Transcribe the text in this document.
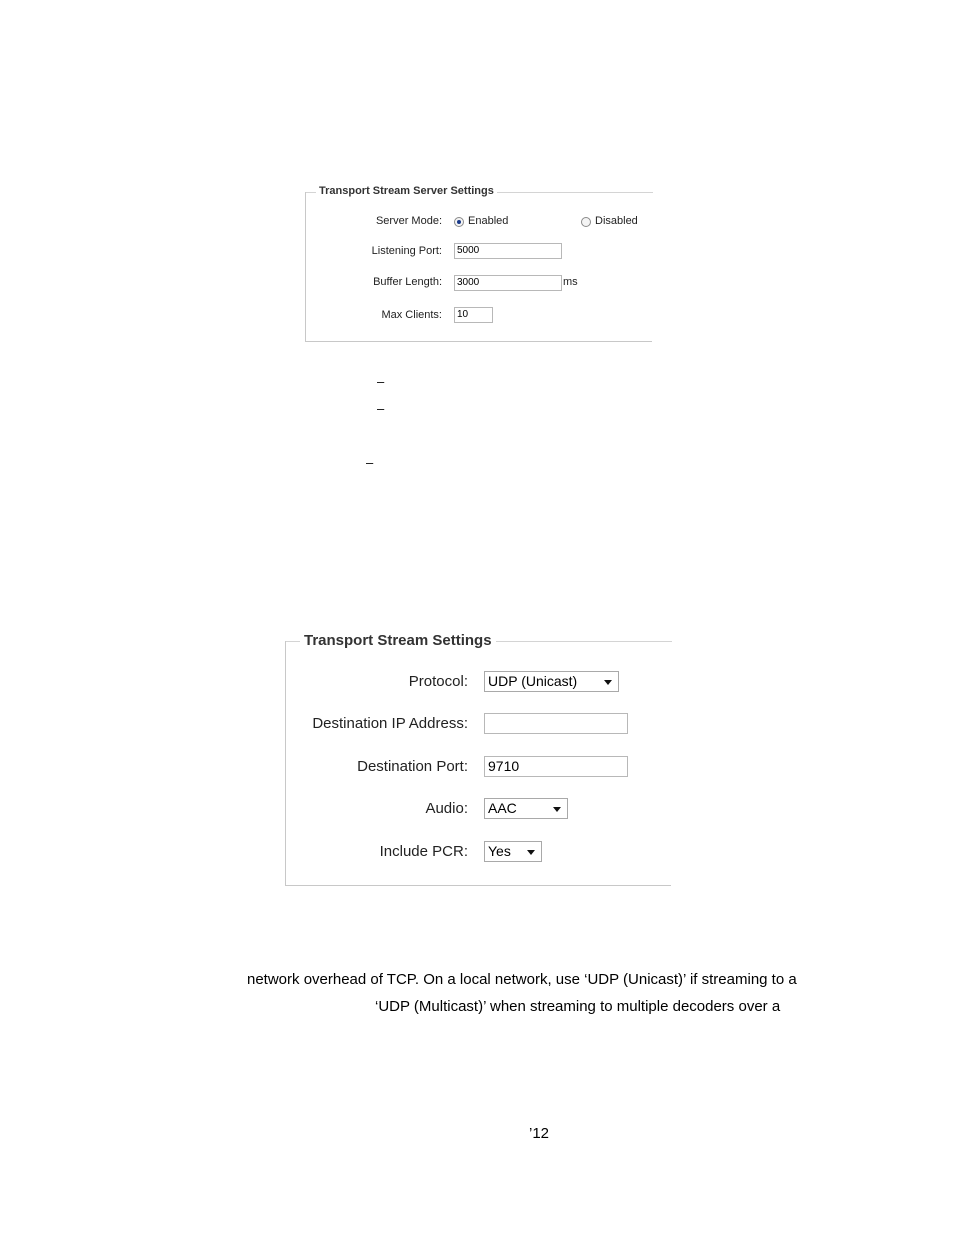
Transport Stream Server Settings
Server Mode: Enabled	Disabled
Listening Port:	5000
Buffer Length:	3000	ms
Max Clients:	10
–
–
–
Transport Stream Settings
Protocol: UDP (Unicast)
Destination IP Address:
Destination Port: 9710
Audio: AAC
Include PCR: Yes
network overhead of TCP. On a local network, use ‘UDP (Unicast)’ if streaming to a
‘UDP (Multicast)’ when streaming to multiple decoders over a
’12
